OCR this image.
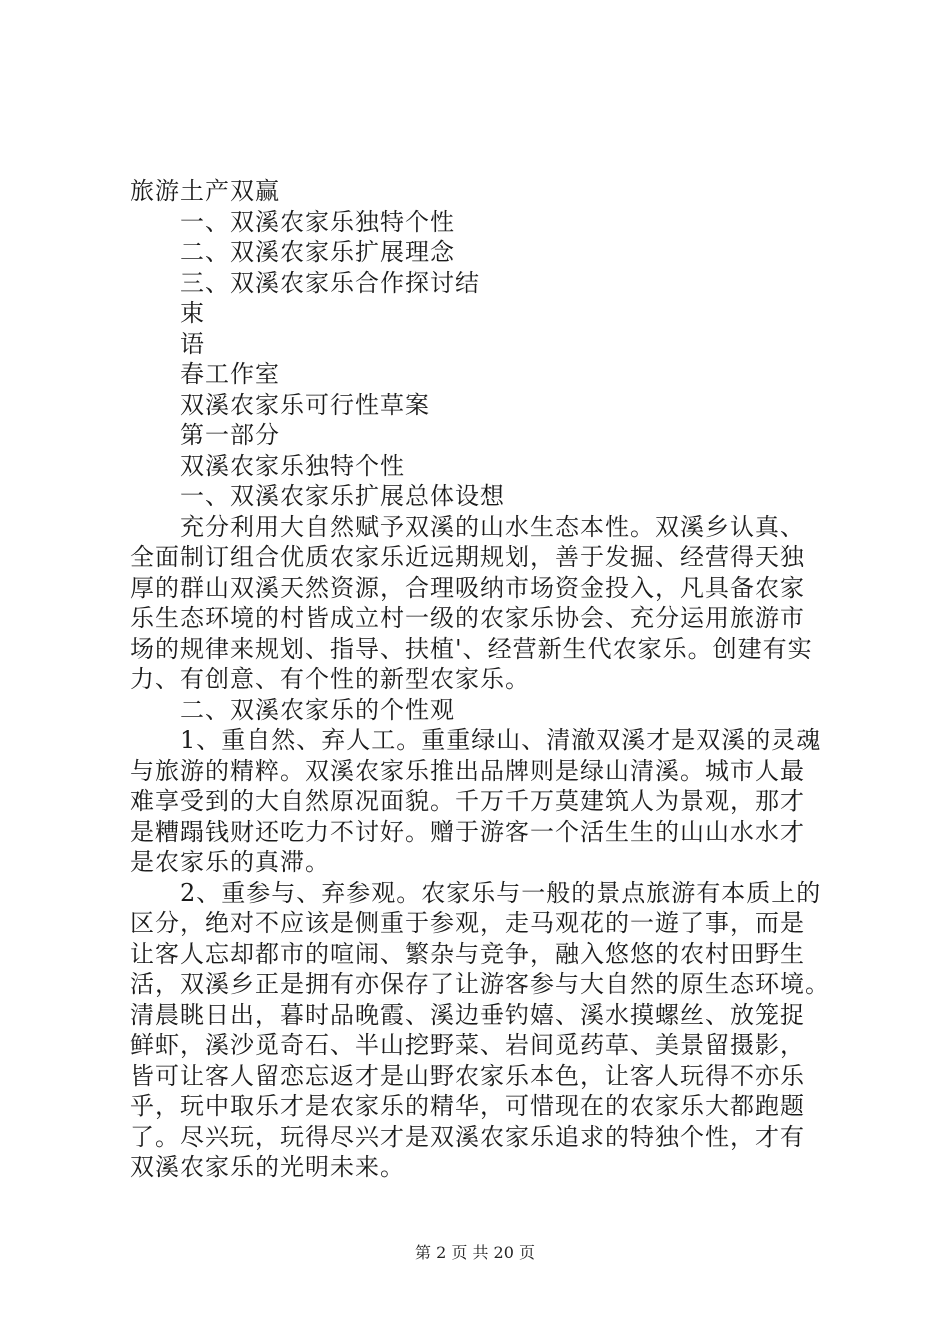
旅游土产双赢
一、双溪农家乐独特个性
二、双溪农家乐扩展理念
三、双溪农家乐合作探讨结
束
语
春工作室
双溪农家乐可行性草案
第一部分
双溪农家乐独特个性
一、双溪农家乐扩展总体设想
充分利用大自然赋予双溪的山水生态本性。双溪乡认真、
全面制订组合优质农家乐近远期规划，善于发掘、经营得天独
厚的群山双溪天然资源，合理吸纳市场资金投入，凡具备农家
乐生态环境的村皆成立村一级的农家乐协会、充分运用旅游市
场的规律来规划、指导、扶植'、经营新生代农家乐。创建有实
力、有创意、有个性的新型农家乐。
二、双溪农家乐的个性观
1、重自然、弃人工。重重绿山、清澈双溪才是双溪的灵魂
与旅游的精粹。双溪农家乐推出品牌则是绿山清溪。城市人最
难享受到的大自然原况面貌。千万千万莫建筑人为景观，那才
是糟蹋钱财还吃力不讨好。赠于游客一个活生生的山山水水才
是农家乐的真滞。
2、重参与、弃参观。农家乐与一般的景点旅游有本质上的
区分，绝对不应该是侧重于参观，走马观花的一遊了事，而是
让客人忘却都市的喧闹、繁杂与竞争，融入悠悠的农村田野生
活，双溪乡正是拥有亦保存了让游客参与大自然的原生态环境。
清晨眺日出，暮时品晚霞、溪边垂钓嬉、溪水摸螺丝、放笼捉
鲜虾，溪沙觅奇石、半山挖野菜、岩间觅药草、美景留摄影，
皆可让客人留恋忘返才是山野农家乐本色，让客人玩得不亦乐
乎，玩中取乐才是农家乐的精华，可惜现在的农家乐大都跑题
了。尽兴玩，玩得尽兴才是双溪农家乐追求的特独个性，才有
双溪农家乐的光明未来。
第 2 页 共 20 页
